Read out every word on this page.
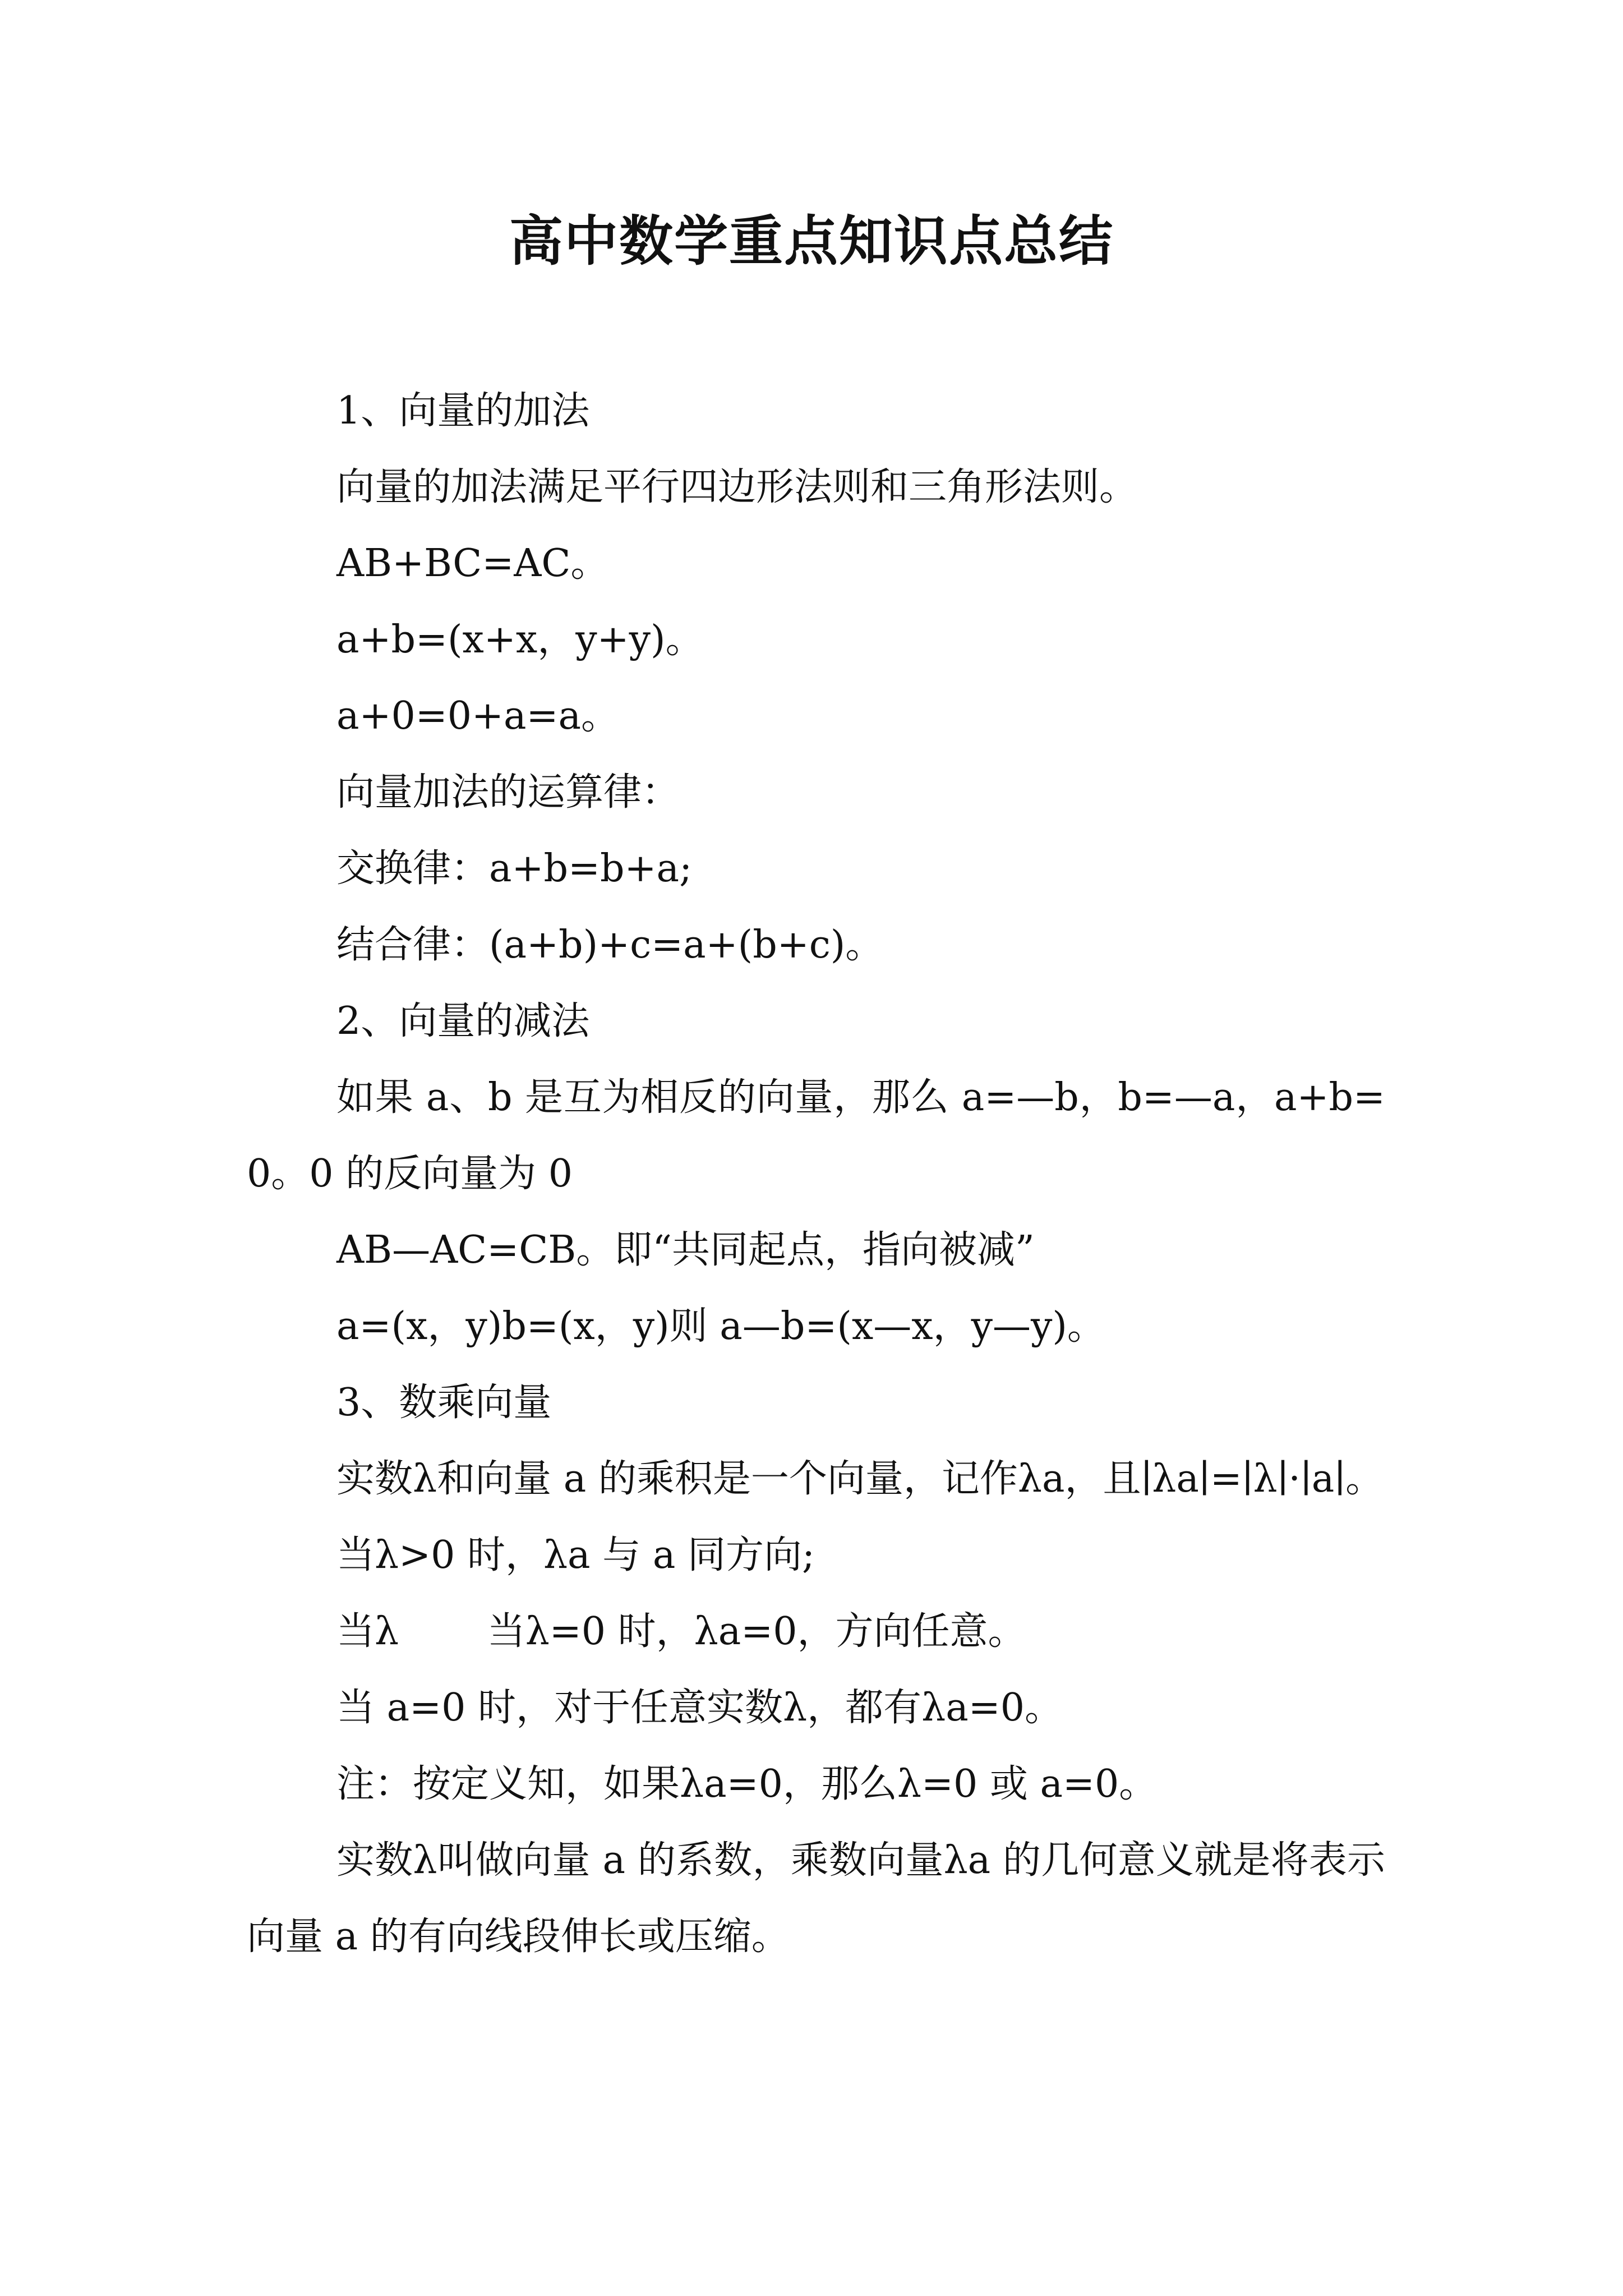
高中数学重点知识点总结

1、向量的加法

向量的加法满足平行四边形法则和三角形法则。

AB+BC=AC。

a+b=(x+x，y+y)。

a+0=0+a=a。

向量加法的运算律：

交换律：a+b=b+a;

结合律：(a+b)+c=a+(b+c)。

2、向量的减法

如果 a、b 是互为相反的向量，那么 a=—b，b=—a，a+b=0。0 的反向量为 0

AB—AC=CB。即“共同起点，指向被减”

a=(x，y)b=(x，y)则 a—b=(x—x，y—y)。

3、数乘向量

实数λ和向量 a 的乘积是一个向量，记作λa，且∣λa∣=∣λ∣·∣a∣。

当λ>0 时，λa 与 a 同方向;

当λ　　 当λ=0 时，λa=0，方向任意。

当 a=0 时，对于任意实数λ，都有λa=0。

注：按定义知，如果λa=0，那么λ=0 或 a=0。

实数λ叫做向量 a 的系数，乘数向量λa 的几何意义就是将表示向量 a 的有向线段伸长或压缩。
